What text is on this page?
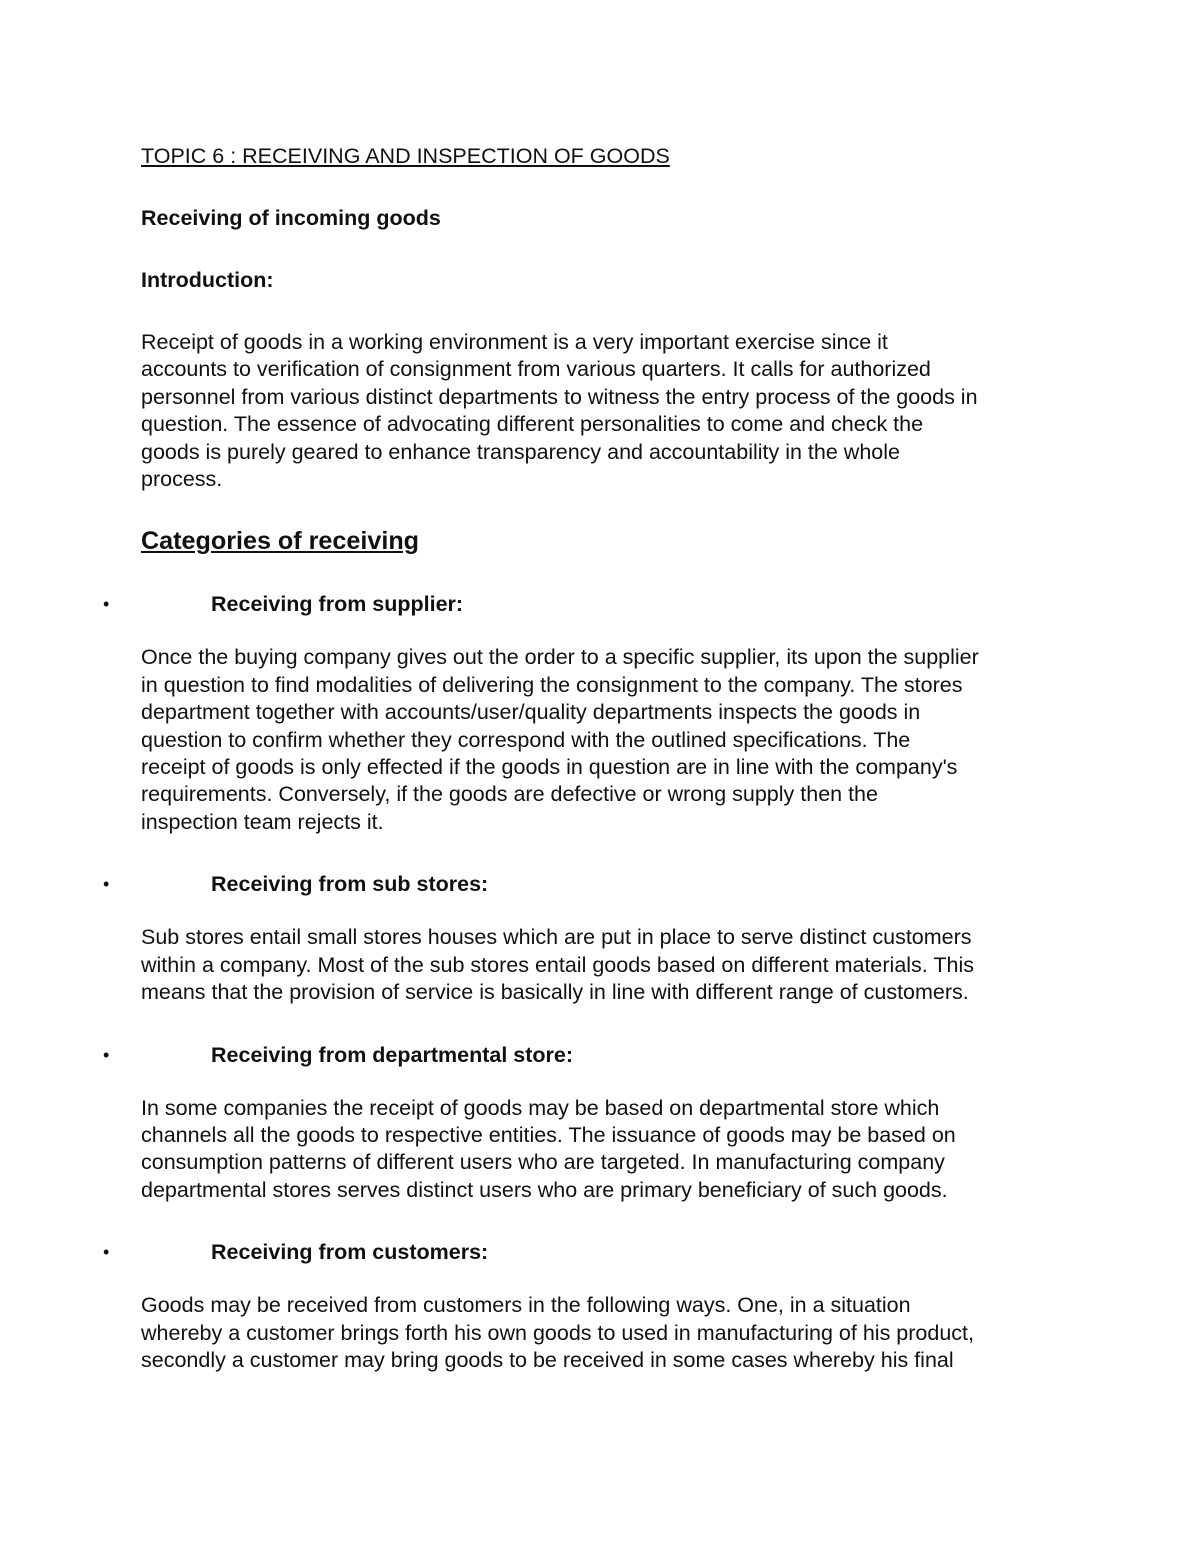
TOPIC 6 : RECEIVING AND INSPECTION OF GOODS
Receiving of incoming goods
Introduction:

Receipt of goods in a working environment is a very important exercise since it
accounts to verification of consignment from various quarters. It calls for authorized
personnel from various distinct departments to witness the entry process of the goods in
question. The essence of advocating different personalities to come and check the
goods is purely geared to enhance transparency and accountability in the whole
process.

Categories of receiving
•	Receiving from supplier:

Once the buying company gives out the order to a specific supplier, its upon the supplier
in question to find modalities of delivering the consignment to the company. The stores
department together with accounts/user/quality departments inspects the goods in
question to confirm whether they correspond with the outlined specifications. The
receipt of goods is only effected if the goods in question are in line with the company's
requirements. Conversely, if the goods are defective or wrong supply then the
inspection team rejects it.

•	Receiving from sub stores:

Sub stores entail small stores houses which are put in place to serve distinct customers
within a company. Most of the sub stores entail goods based on different materials. This
means that the provision of service is basically in line with different range of customers.

•	Receiving from departmental store:

In some companies the receipt of goods may be based on departmental store which
channels all the goods to respective entities. The issuance of goods may be based on
consumption patterns of different users who are targeted. In manufacturing company
departmental stores serves distinct users who are primary beneficiary of such goods.

•	Receiving from customers:

Goods may be received from customers in the following ways. One, in a situation
whereby a customer brings forth his own goods to used in manufacturing of his product,
secondly a customer may bring goods to be received in some cases whereby his final
